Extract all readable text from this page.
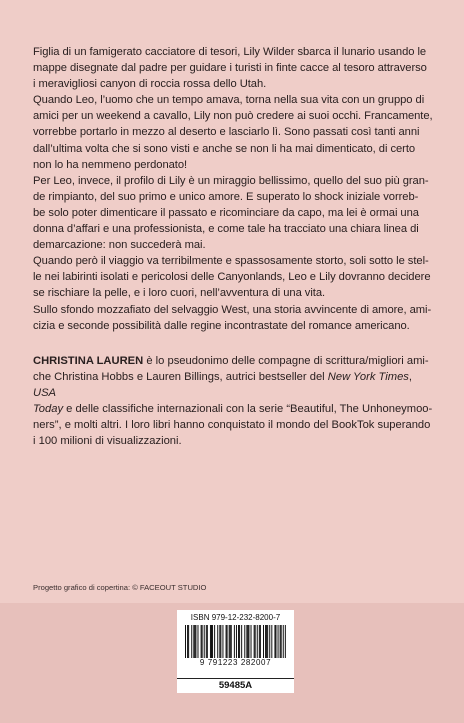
Figlia di un famigerato cacciatore di tesori, Lily Wilder sbarca il lunario usando le

mappe disegnate dal padre per guidare i turisti in finte cacce al tesoro attraverso

i meravigliosi canyon di roccia rossa dello Utah.

Quando Leo, l’uomo che un tempo amava, torna nella sua vita con un gruppo di

amici per un weekend a cavallo, Lily non può credere ai suoi occhi. Francamente,

vorrebbe portarlo in mezzo al deserto e lasciarlo lì. Sono passati così tanti anni

dall’ultima volta che si sono visti e anche se non li ha mai dimenticato, di certo

non lo ha nemmeno perdonato!

Per Leo, invece, il profilo di Lily è un miraggio bellissimo, quello del suo più gran-

de rimpianto, del suo primo e unico amore. E superato lo shock iniziale vorreb-

be solo poter dimenticare il passato e ricominciare da capo, ma lei è ormai una

donna d’affari e una professionista, e come tale ha tracciato una chiara linea di

demarcazione: non succederà mai.

Quando però il viaggio va terribilmente e spassosamente storto, soli sotto le stel-

le nei labirinti isolati e pericolosi delle Canyonlands, Leo e Lily dovranno decidere

se rischiare la pelle, e i loro cuori, nell’avventura di una vita.

Sullo sfondo mozzafiato del selvaggio West, una storia avvincente di amore, ami-

cizia e seconde possibilità dalle regine incontrastate del romance americano.

CHRISTINA LAUREN è lo pseudonimo delle compagne di scrittura/migliori ami-
che Christina Hobbs e Lauren Billings, autrici bestseller del New York Times, USA
Today e delle classifiche internazionali con la serie “Beautiful, The Unhoneymoo-
ners”, e molti altri. I loro libri hanno conquistato il mondo del BookTok superando
i 100 milioni di visualizzazioni.
Progetto grafico di copertina: © FACEOUT STUDIO
ISBN 979-12-232-8200-7
9 791223 282007
59485A
